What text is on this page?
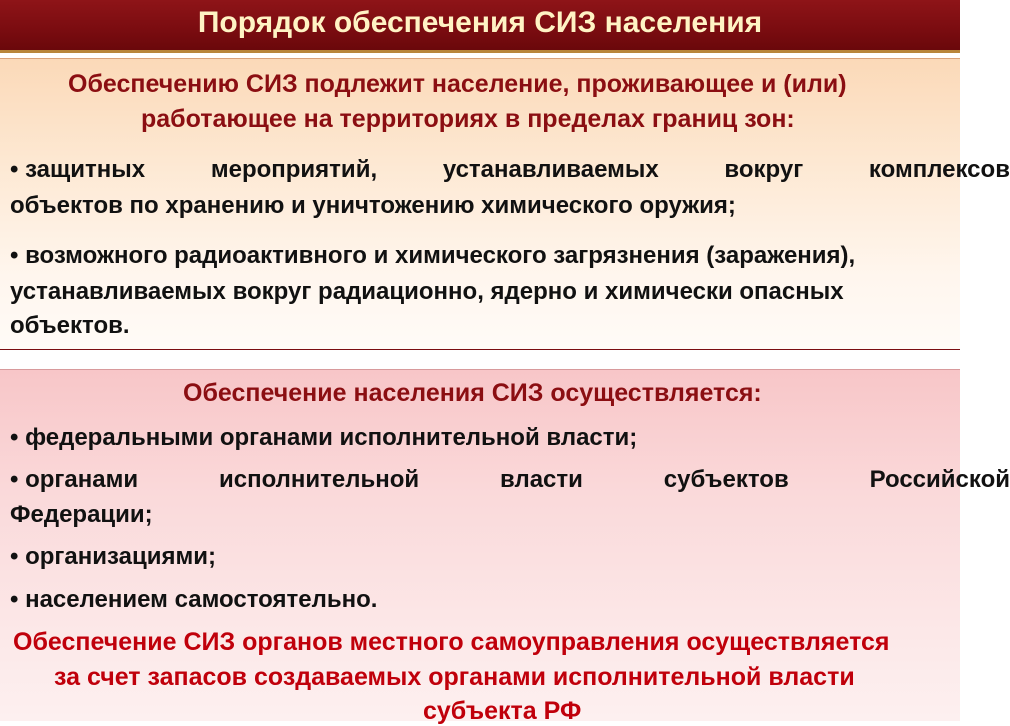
Порядок обеспечения СИЗ населения
Обеспечению СИЗ подлежит население, проживающее и (или)
работающее на территориях в пределах границ зон:
• защитных	мероприятий,	устанавливаемых	вокруг	комплексов
объектов по хранению и уничтожению химического оружия;
• возможного радиоактивного и химического загрязнения (заражения),
устанавливаемых вокруг радиационно, ядерно и химически опасных
объектов.
Обеспечение населения СИЗ осуществляется:
• федеральными органами исполнительной власти;
• органами	исполнительной	власти	субъектов	Российской
Федерации;
• организациями;
• населением самостоятельно.
Обеспечение СИЗ органов местного самоуправления осуществляется
за счет запасов создаваемых органами исполнительной власти
субъекта РФ
